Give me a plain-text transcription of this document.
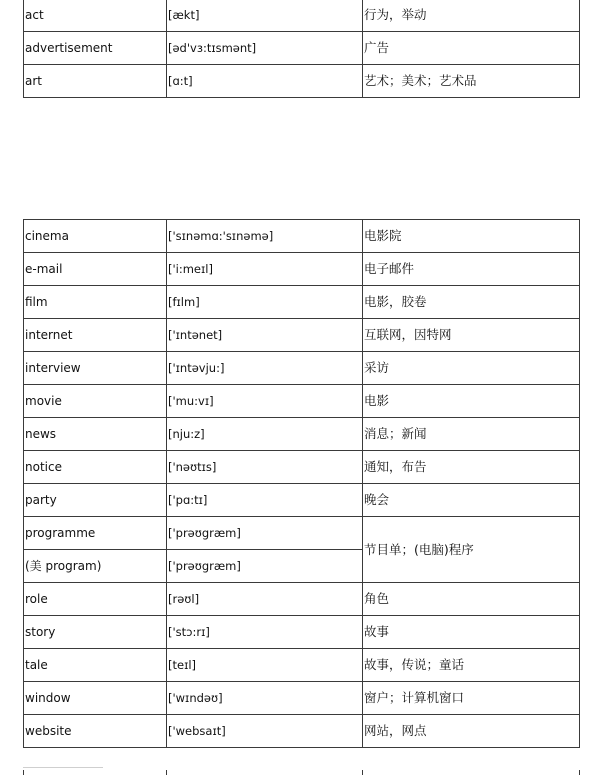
act	[ækt]	行为，举动
advertisement	[əd'vɜ:tɪsmənt]	广告
art	[ɑ:t]	艺术；美术；艺术品
cinema	['sɪnəmɑ:'sɪnəmə]	电影院
e-mail	['i:meɪl]	电子邮件
film	[fɪlm]	电影，胶卷
internet	['ɪntənet]	互联网，因特网
interview	['ɪntəvju:]	采访
movie	['mu:vɪ]	电影
news	[nju:z]	消息；新闻
notice	['nəʊtɪs]	通知，布告
party	['pɑ:tɪ]	晚会
programme	['prəʊgræm]	节目单；(电脑)程序
(美 program)	['prəʊgræm]	
role	[rəʊl]	角色
story	['stɔ:rɪ]	故事
tale	[teɪl]	故事，传说；童话
window	['wɪndəʊ]	窗户；计算机窗口
website	['websaɪt]	网站，网点
